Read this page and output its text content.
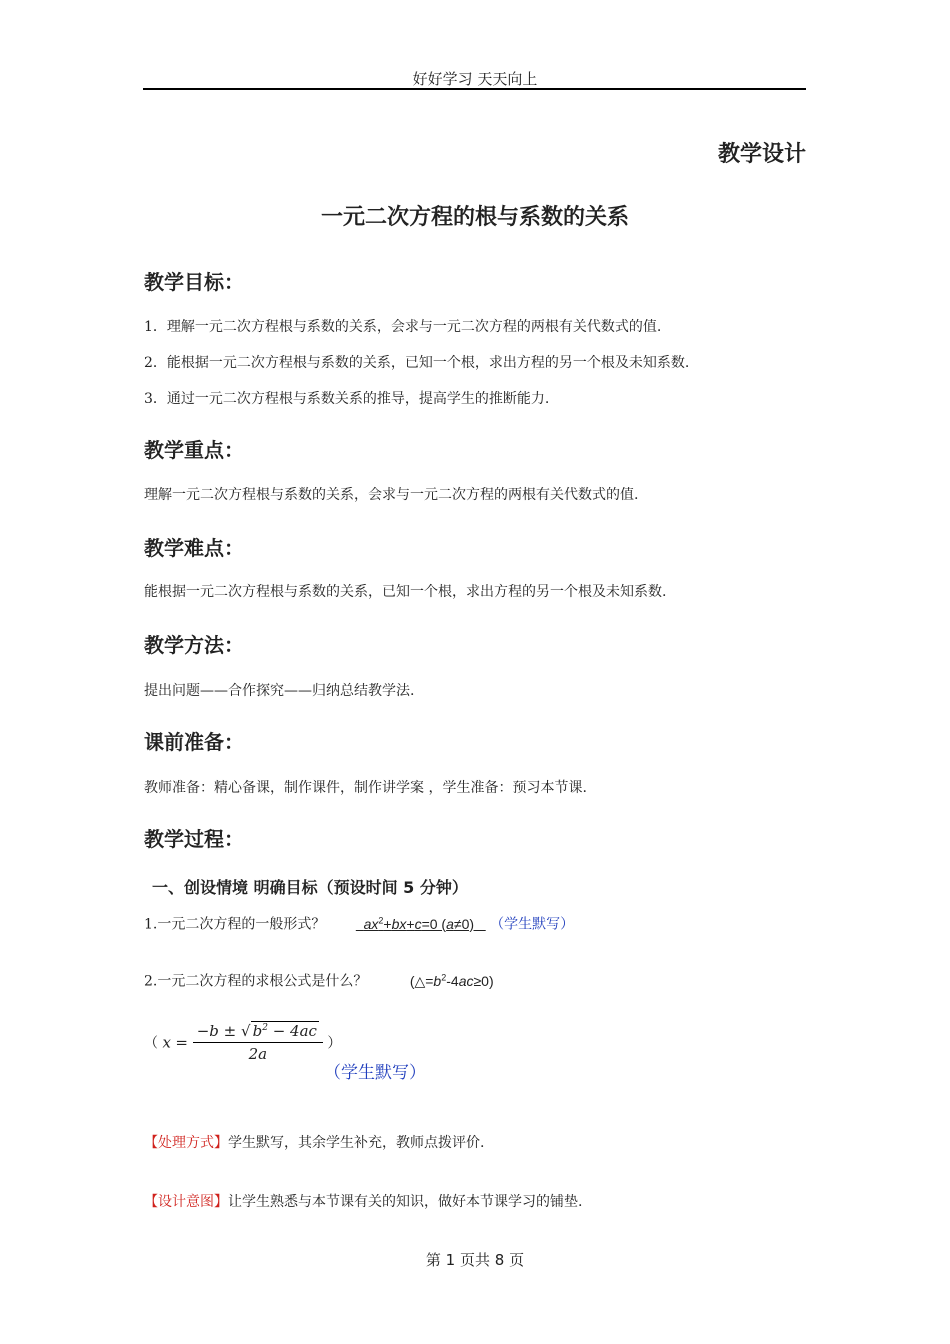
好好学习 天天向上
教学设计
一元二次方程的根与系数的关系
教学目标：
1．理解一元二次方程根与系数的关系，会求与一元二次方程的两根有关代数式的值.
2．能根据一元二次方程根与系数的关系，已知一个根，求出方程的另一个根及未知系数.
3．通过一元二次方程根与系数关系的推导，提高学生的推断能力.
教学重点：
理解一元二次方程根与系数的关系，会求与一元二次方程的两根有关代数式的值.
教学难点：
能根据一元二次方程根与系数的关系，已知一个根，求出方程的另一个根及未知系数.
教学方法：
提出问题——合作探究——归纳总结教学法.
课前准备：
教师准备：精心备课，制作课件，制作讲学案 ，学生准备：预习本节课.
教学过程：
一、创设情境 明确目标（预设时间 5 分钟）
1.一元二次方程的一般形式？	$ax^2+bx+c=0$ (a≠0)    （学生默写）
2.一元二次方程的求根公式是什么？	$(\triangle=b^2-4ac\ge 0)$
（ $x = \frac{-b \pm √ b^2 - 4ac}{2a}$ ）
（学生默写）
【处理方式】学生默写，其余学生补充，教师点拨评价.
【设计意图】让学生熟悉与本节课有关的知识，做好本节课学习的铺垫.
第 1 页共 8 页
